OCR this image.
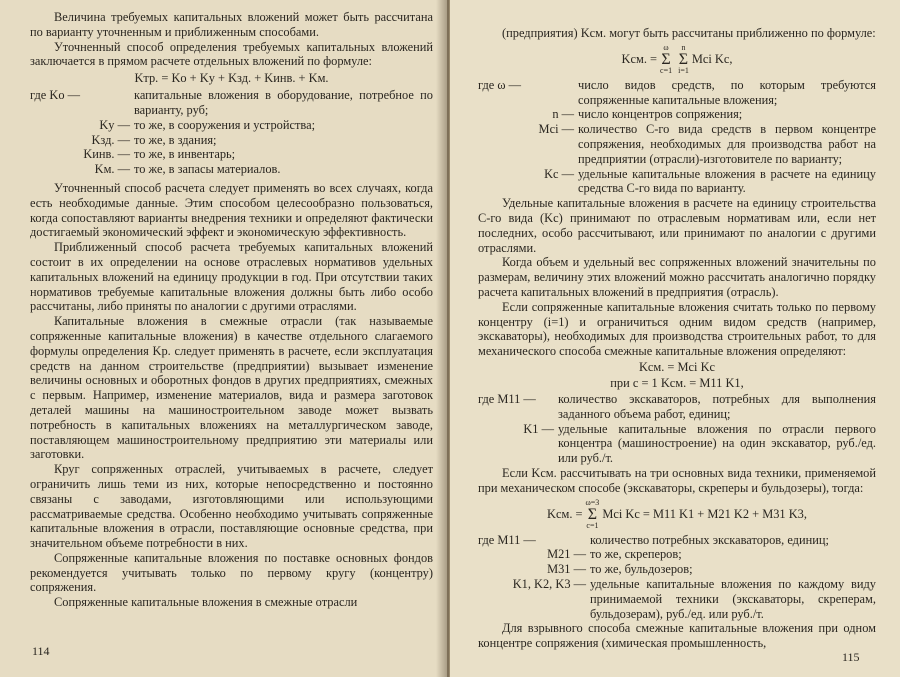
Величина требуемых капитальных вложений может быть рассчитана по варианту уточненным и приближенным способами.

Уточненный способ определения требуемых капитальных вложений заключается в прямом расчете отдельных вложений по формуле:

Kтр. = Ko + Ky + Kзд. + Kинв. + Kм.
где Ko —	капитальные вложения в оборудование, потребное по варианту, руб;
Ky — то же, в сооружения и устройства;
Kзд. — то же, в здания;
Kинв. — то же, в инвентарь;
Kм. — то же, в запасы материалов.

Уточненный способ расчета следует применять во всех случаях, когда есть необходимые данные. Этим способом целесообразно пользоваться, когда сопоставляют варианты внедрения техники и определяют фактически достигаемый экономический эффект и экономическую эффективность.

Приближенный способ расчета требуемых капитальных вложений состоит в их определении на основе отраслевых нормативов удельных капитальных вложений на единицу продукции в год. При отсутствии таких нормативов требуемые капитальные вложения должны быть либо особо рассчитаны, либо приняты по аналогии с другими отраслями.

Капитальные вложения в смежные отрасли (так называемые сопряженные капитальные вложения) в качестве отдельного слагаемого формулы определения Kр. следует применять в расчете, если эксплуатация средств на данном строительстве (предприятии) вызывает изменение величины основных и оборотных фондов в других предприятиях, смежных с первым. Например, изменение материалов, вида и размера заготовок деталей машины на машиностроительном заводе может вызвать потребность в капитальных вложениях на металлургическом заводе, поставляющем машиностроительному предприятию эти материалы или заготовки.

Круг сопряженных отраслей, учитываемых в расчете, следует ограничить лишь теми из них, которые непосредственно и постоянно связаны с заводами, изготовляющими или использующими рассматриваемые средства. Особенно необходимо учитывать сопряженные капитальные вложения в отрасли, поставляющие основные средства, при значительном объеме потребности в них.

Сопряженные капитальные вложения по поставке основных фондов рекомендуется учитывать только по первому кругу (концентру) сопряжения.

Сопряженные капитальные вложения в смежные отрасли

114

(предприятия) Kсм. могут быть рассчитаны приближенно по формуле:

Kсм. =
ω
Σ
c=1
n
Σ
i=1
Mci Kc,
где ω —	число видов средств, по которым требуются сопряженные капитальные вложения;
n — число концентров сопряжения;
Mci — количество C-го вида средств в первом концентре сопряжения, необходимых для производства работ на предприятии (отрасли)-изготовителе по варианту;
Kc — удельные капитальные вложения в расчете на единицу средства C-го вида по варианту.

Удельные капитальные вложения в расчете на единицу строительства C-го вида (Kc) принимают по отраслевым нормативам или, если нет последних, особо рассчитывают, или принимают по аналогии с другими отраслями.

Когда объем и удельный вес сопряженных вложений значительны по размерам, величину этих вложений можно рассчитать аналогично порядку расчета капитальных вложений в предприятия (отрасль).

Если сопряженные капитальные вложения считать только по первому концентру (i=1) и ограничиться одним видом средств (например, экскаваторы), необходимых для производства строительных работ, то для механического способа смежные капитальные вложения определяют:

Kсм. = Mci Kc
при c = 1 Kсм. = M11 K1,
где M11 —	количество экскаваторов, потребных для выполнения заданного объема работ, единиц;
K1 — удельные капитальные вложения по отрасли первого концентра (машиностроение) на один экскаватор, руб./ед. или руб./т.

Если Kсм. рассчитывать на три основных вида техники, применяемой при механическом способе (экскаваторы, скреперы и бульдозеры), тогда:

Kсм. =
ω=3
Σ
c=1
Mci Kc = M11 K1 + M21 K2 + M31 K3,
где M11 —	количество потребных экскаваторов, единиц;
M21 — то же, скреперов;
M31 — то же, бульдозеров;
K1, K2, K3 — удельные капитальные вложения по каждому виду принимаемой техники (экскаваторы, скреперам, бульдозерам), руб./ед. или руб./т.

Для взрывного способа смежные капитальные вложения при одном концентре сопряжения (химическая промышленность,

115
